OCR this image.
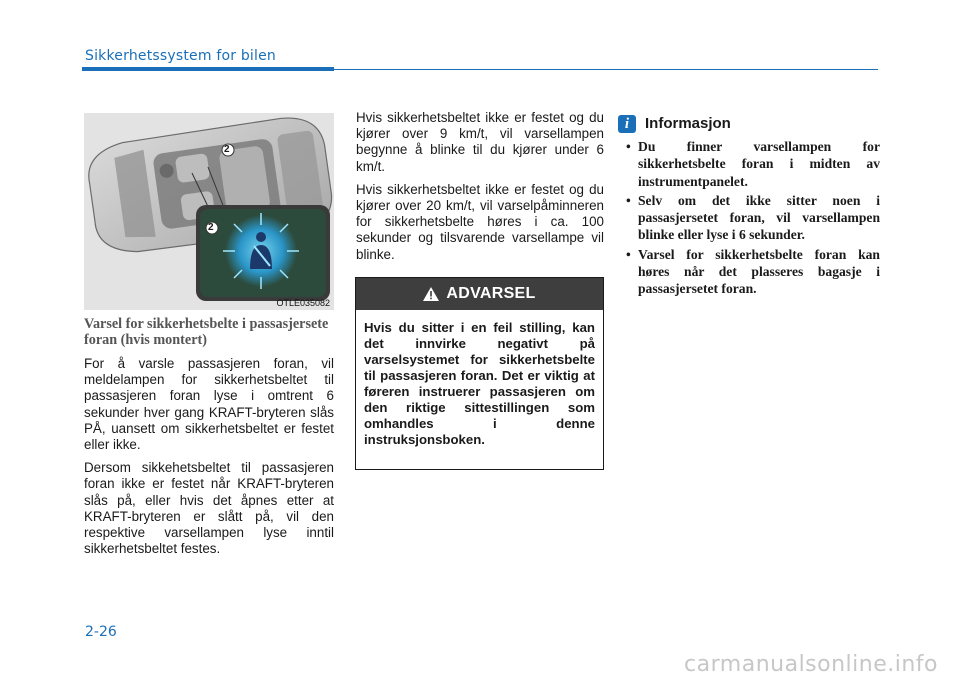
Sikkerhetssystem for bilen
2
2
OTLE035082
Varsel for sikkerhetsbelte i passasjersete foran (hvis montert)

For å varsle passasjeren foran, vil meldelampen for sikkerhetsbeltet til passasjeren foran lyse i omtrent 6 sekunder hver gang KRAFT-bryteren slås PÅ, uansett om sikkerhetsbeltet er festet eller ikke.

Dersom sikkehetsbeltet til passasjeren foran ikke er festet når KRAFT-bryteren slås på, eller hvis det åpnes etter at KRAFT-bryteren er slått på, vil den respektive varsellampen lyse inntil sikkerhetsbeltet festes.

Hvis sikkerhetsbeltet ikke er festet og du kjører over 9 km/t, vil varsellampen begynne å blinke til du kjører under 6 km/t.

Hvis sikkerhetsbeltet ikke er festet og du kjører over 20 km/t, vil varselpåminneren for sikkerhetsbelte høres i ca. 100 sekunder og tilsvarende varsellampe vil blinke.

ADVARSEL
Hvis du sitter i en feil stilling, kan det innvirke negativt på varselsystemet for sikkerhetsbelte til passasjeren foran. Det er viktig at føreren instruerer passasjeren om den riktige sittestillingen som omhandles i denne instruksjonsboken.
i	Informasjon
• Du finner varsellampen for sikkerhetsbelte foran i midten av instrumentpanelet.
• Selv om det ikke sitter noen i passasjersetet foran, vil varsellampen blinke eller lyse i 6 sekunder.
• Varsel for sikkerhetsbelte foran kan høres når det plasseres bagasje i passasjersetet foran.
2-26
carmanualsonline.info
